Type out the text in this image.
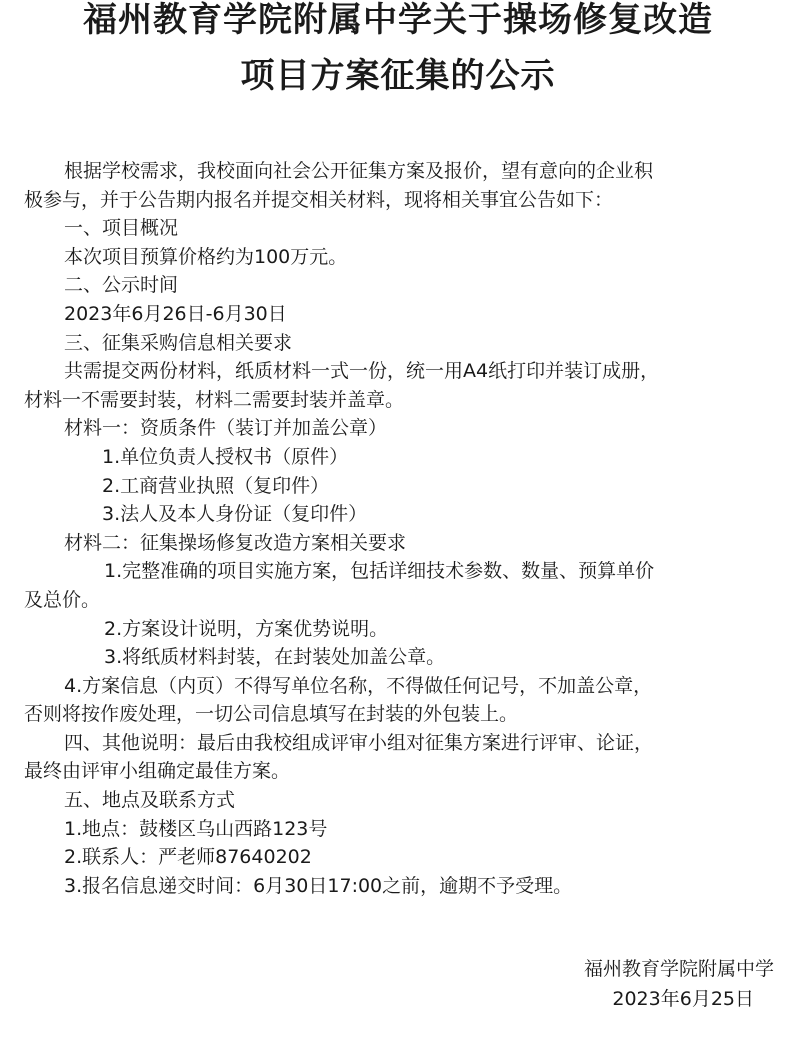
福州教育学院附属中学关于操场修复改造
项目方案征集的公示
根据学校需求，我校面向社会公开征集方案及报价，望有意向的企业积
极参与，并于公告期内报名并提交相关材料，现将相关事宜公告如下：
一、项目概况
本次项目预算价格约为100万元。
二、公示时间
2023年6月26日-6月30日
三、征集采购信息相关要求
共需提交两份材料，纸质材料一式一份，统一用A4纸打印并装订成册，
材料一不需要封装，材料二需要封装并盖章。
材料一：资质条件（装订并加盖公章）
1.单位负责人授权书（原件）
2.工商营业执照（复印件）
3.法人及本人身份证（复印件）
材料二：征集操场修复改造方案相关要求
1.完整准确的项目实施方案，包括详细技术参数、数量、预算单价
及总价。
2.方案设计说明，方案优势说明。
3.将纸质材料封装，在封装处加盖公章。
4.方案信息（内页）不得写单位名称，不得做任何记号，不加盖公章，
否则将按作废处理，一切公司信息填写在封装的外包装上。
四、其他说明：最后由我校组成评审小组对征集方案进行评审、论证，
最终由评审小组确定最佳方案。
五、地点及联系方式
1.地点：鼓楼区乌山西路123号
2.联系人：严老师87640202
3.报名信息递交时间：6月30日17:00之前，逾期不予受理。
福州教育学院附属中学
2023年6月25日
